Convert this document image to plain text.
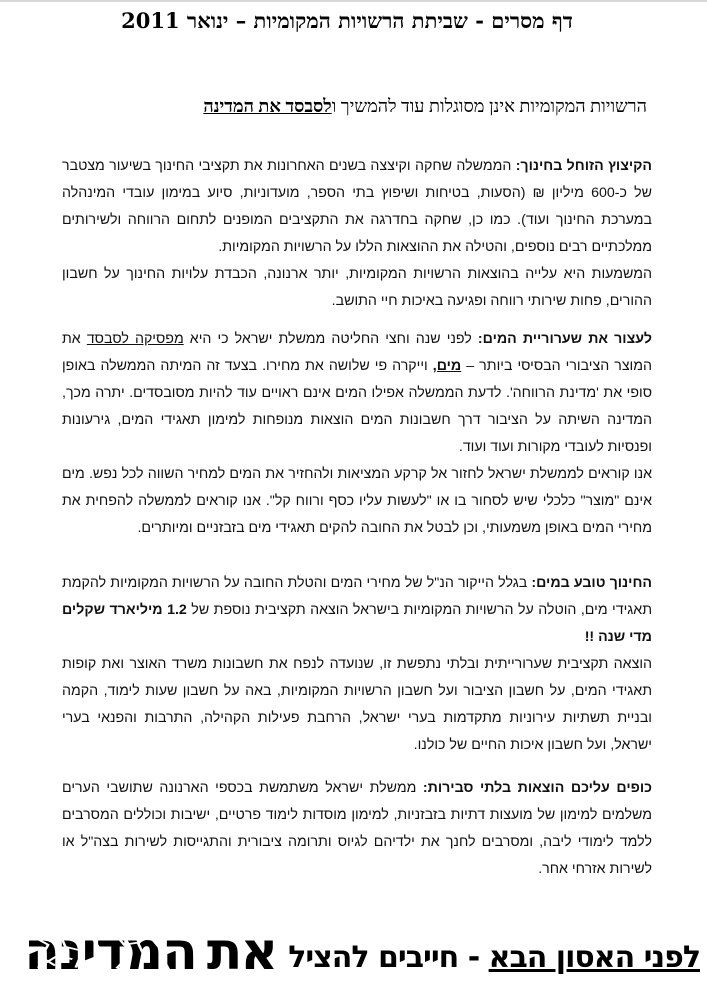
דף מסרים - שביתת הרשויות המקומיות – ינואר 2011
הרשויות המקומיות אינן מסוגלות עוד להמשיך ולסבסד את המדינה

הקיצוץ הזוחל בחינוך: הממשלה שחקה וקיצצה בשנים האחרונות את תקציבי החינוך בשיעור מצטבר של כ-600 מיליון ₪ (הסעות, בטיחות ושיפוץ בתי הספר, מועדוניות, סיוע במימון עובדי המינהלה במערכת החינוך ועוד). כמו כן, שחקה בחדרגה את התקציבים המופנים לתחום הרווחה ולשירותים ממלכתיים רבים נוספים, והטילה את ההוצאות הללו על הרשויות המקומיות.

המשמעות היא עלייה בהוצאות הרשויות המקומיות, יותר ארנונה, הכבדת עלויות החינוך על חשבון ההורים, פחות שירותי רווחה ופגיעה באיכות חיי התושב.

לעצור את שערוריית המים: לפני שנה וחצי החליטה ממשלת ישראל כי היא מפסיקה לסבסד את המוצר הציבורי הבסיסי ביותר – מים, וייקרה פי שלושה את מחירו. בצעד זה המיתה הממשלה באופן סופי את 'מדינת הרווחה'. לדעת הממשלה אפילו המים אינם ראויים עוד להיות מסובסדים. יתרה מכך, המדינה השיתה על הציבור דרך חשבונות המים הוצאות מנופחות למימון תאגידי המים, גירעונות ופנסיות לעובדי מקורות ועוד ועוד.

אנו קוראים לממשלת ישראל לחזור אל קרקע המציאות ולהחזיר את המים למחיר השווה לכל נפש. מים אינם "מוצר" כלכלי שיש לסחור בו או "לעשות עליו כסף ורווח קל". אנו קוראים לממשלה להפחית את מחירי המים באופן משמעותי, וכן לבטל את החובה להקים תאגידי מים בזבזניים ומיותרים.

החינוך טובע במים: בגלל הייקור הנ"ל של מחירי המים והטלת החובה על הרשויות המקומיות להקמת תאגידי מים, הוטלה על הרשויות המקומיות בישראל הוצאה תקציבית נוספת של 1.2 מיליארד שקלים מדי שנה !!

הוצאה תקציבית שערורייתית ובלתי נתפשת זו, שנועדה לנפח את חשבונות משרד האוצר ואת קופות תאגידי המים, על חשבון הציבור ועל חשבון הרשויות המקומיות, באה על חשבון שעות לימוד, הקמה ובניית תשתיות עירוניות מתקדמות בערי ישראל, הרחבת פעילות הקהילה, התרבות והפנאי בערי ישראל, ועל חשבון איכות החיים של כולנו.

כופים עליכם הוצאות בלתי סבירות: ממשלת ישראל משתמשת בכספי הארנונה שתושבי הערים משלמים למימון של מועצות דתיות בזבזניות, למימון מוסדות לימוד פרטיים, ישיבות וכוללים המסרבים ללמד לימודי ליבה, ומסרבים לחנך את ילדיהם לגיוס ותרומה ציבורית והתגייסות לשירות בצה"ל או לשירות אזרחי אחר.

לפני האסון הבא - חייבים להציל
את
המדינה
